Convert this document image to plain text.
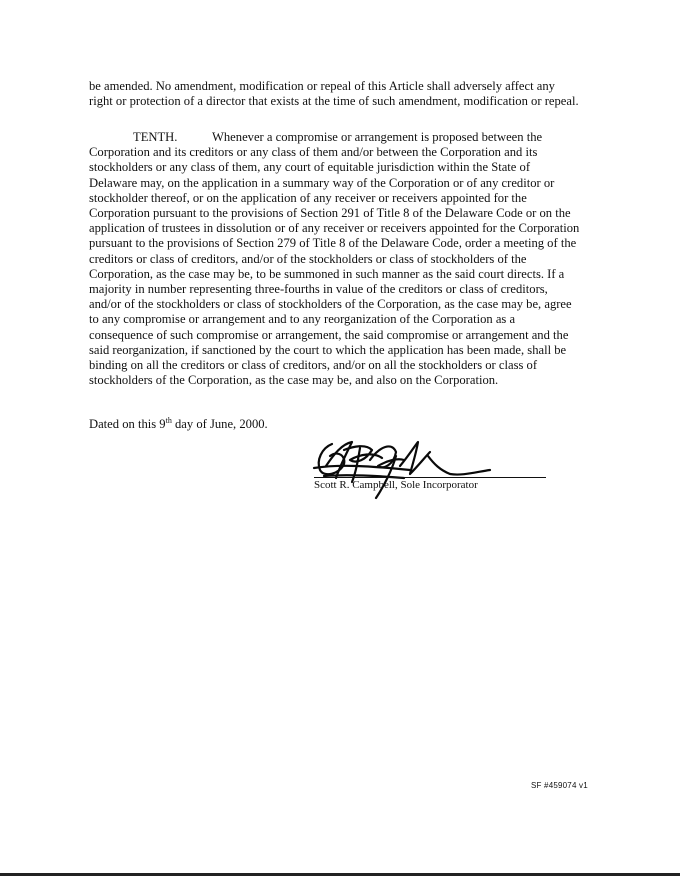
be amended. No amendment, modification or repeal of this Article shall adversely affect any
right or protection of a director that exists at the time of such amendment, modification or repeal.
TENTH.	Whenever a compromise or arrangement is proposed between the
Corporation and its creditors or any class of them and/or between the Corporation and its
stockholders or any class of them, any court of equitable jurisdiction within the State of
Delaware may, on the application in a summary way of the Corporation or of any creditor or
stockholder thereof, or on the application of any receiver or receivers appointed for the
Corporation pursuant to the provisions of Section 291 of Title 8 of the Delaware Code or on the
application of trustees in dissolution or of any receiver or receivers appointed for the Corporation
pursuant to the provisions of Section 279 of Title 8 of the Delaware Code, order a meeting of the
creditors or class of creditors, and/or of the stockholders or class of stockholders of the
Corporation, as the case may be, to be summoned in such manner as the said court directs. If a
majority in number representing three-fourths in value of the creditors or class of creditors,
and/or of the stockholders or class of stockholders of the Corporation, as the case may be, agree
to any compromise or arrangement and to any reorganization of the Corporation as a
consequence of such compromise or arrangement, the said compromise or arrangement and the
said reorganization, if sanctioned by the court to which the application has been made, shall be
binding on all the creditors or class of creditors, and/or on all the stockholders or class of
stockholders of the Corporation, as the case may be, and also on the Corporation.
Dated on this 9th day of June, 2000.
Scott R. Campbell, Sole Incorporator
SF #459074 v1
